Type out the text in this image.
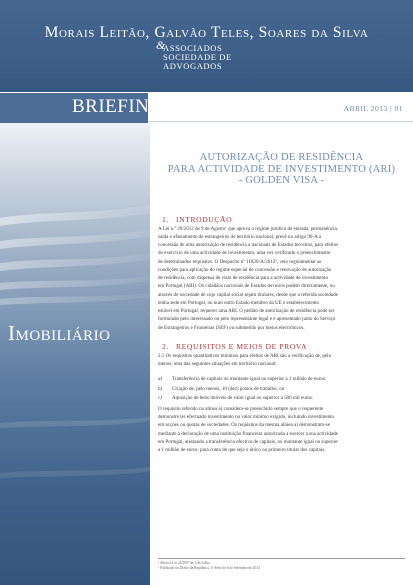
Morais Leitão, Galvão Teles, Soares da Silva
&
ASSOCIADOS
SOCIEDADE DE
ADVOGADOS
BRIEFING	ABRIL 2013 | 01
Imobiliário
AUTORIZAÇÃO DE RESIDÊNCIA
PARA ACTIVIDADE DE INVESTIMENTO (ARI)
- GOLDEN VISA -
1. INTRODUÇÃO
A Lei n.º 29/2012 de 9 de Agosto¹ que aprova o regime jurídico de entrada, permanência,
saída e afastamento de estrangeiros do território nacional, prevê no artigo 90-A a
concessão de uma autorização de residência a nacionais de Estados terceiros, para efeitos
do exercício de uma actividade de investimento, uma vez verificado o preenchimento
de determinados requisitos. O Despacho nº 11820-A/2012², veio regulamentar as
condições para aplicação do regime especial de concessão e renovação de autorização
de residência, com dispensa de visto de residência para a actividade de investimento
em Portugal (ARI). Os cidadãos nacionais de Estados terceiros podem directamente, ou
através de sociedade de cujo capital social sejam titulares, desde que a referida sociedade
tenha sede em Portugal, ou num outro Estado membro da UE e estabelecimento
estável em Portugal, requerer uma ARI. O pedido de autorização de residência pode ser
formulado pelo interessado ou pelo representante legal e é apresentado junto do Serviço
de Estrangeiros e Fronteiras (SEF) ou submetido por meios electrónicos.
2. REQUISITOS E MEIOS DE PROVA
2.1 Os requisitos quantitativos mínimos para efeitos de ARI são a verificação de, pelo
menos, uma das seguintes situações em território nacional:
a) Transferência de capitais no montante igual ou superior a 1 milhão de euros;
b) Criação de, pelo menos, 10 (dez) postos de trabalho; ou
c) Aquisição de bens imóveis de valor igual ou superior a 500 mil euros.
O requisito referido na alínea a) considera-se preenchido sempre que o requerente
demonstre ter efectuado investimento no valor mínimo exigido, incluindo investimento
em acções ou quotas de sociedades. Os requisitos da mesma alínea a) demonstram-se
mediante a declaração de uma instituição financeira autorizada a exercer a sua actividade
em Portugal, atestando a transferência efectiva de capitais, no montante igual ou superior
a 1 milhão de euros, para conta de que seja o único ou primeiro titular dos capitais,
¹ Altera a Lei 23/2007 de 4 de Julho.
² Publicado no Diário da República, 2ª Série de 6 de Setembro de 2012
